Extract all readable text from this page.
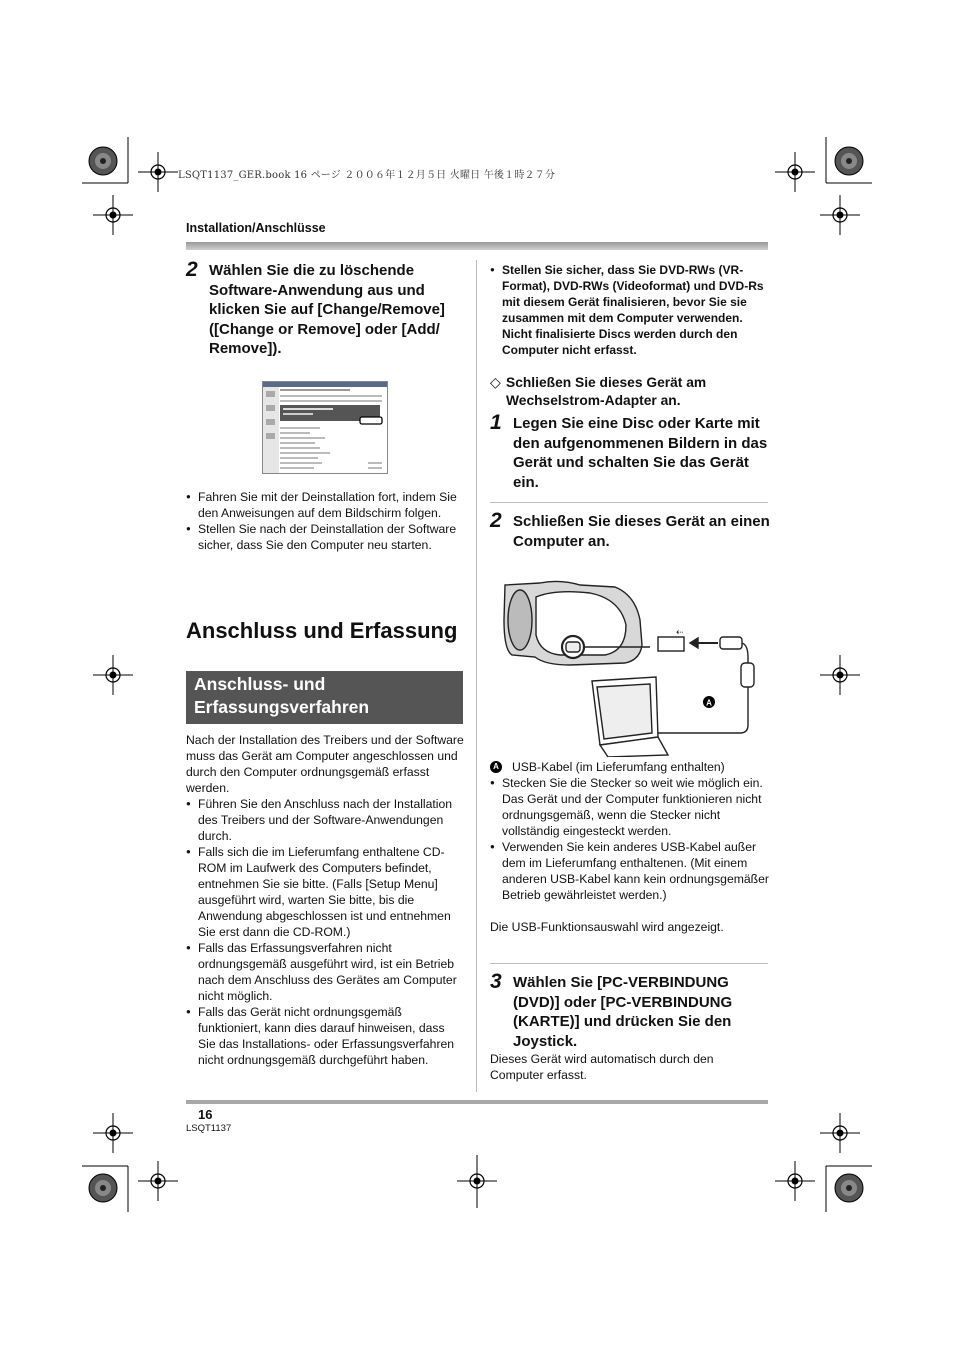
LSQT1137_GER.book 16 ページ ２００６年１２月５日 火曜日 午後１時２７分
Installation/Anschlüsse
2 Wählen Sie die zu löschende Software-Anwendung aus und klicken Sie auf [Change/Remove] ([Change or Remove] oder [Add/ Remove]).
● Fahren Sie mit der Deinstallation fort, indem Sie den Anweisungen auf dem Bildschirm folgen.
● Stellen Sie nach der Deinstallation der Software sicher, dass Sie den Computer neu starten.
Anschluss und Erfassung
Anschluss- und
Erfassungsverfahren
Nach der Installation des Treibers und der Software muss das Gerät am Computer angeschlossen und durch den Computer ordnungsgemäß erfasst werden.
● Führen Sie den Anschluss nach der Installation des Treibers und der Software-Anwendungen durch.
● Falls sich die im Lieferumfang enthaltene CD-ROM im Laufwerk des Computers befindet, entnehmen Sie sie bitte. (Falls [Setup Menu] ausgeführt wird, warten Sie bitte, bis die Anwendung abgeschlossen ist und entnehmen Sie erst dann die CD-ROM.)
● Falls das Erfassungsverfahren nicht ordnungsgemäß ausgeführt wird, ist ein Betrieb nach dem Anschluss des Gerätes am Computer nicht möglich.
● Falls das Gerät nicht ordnungsgemäß funktioniert, kann dies darauf hinweisen, dass Sie das Installations- oder Erfassungsverfahren nicht ordnungsgemäß durchgeführt haben.
● Stellen Sie sicher, dass Sie DVD-RWs (VR-Format), DVD-RWs (Videoformat) und DVD-Rs mit diesem Gerät finalisieren, bevor Sie sie zusammen mit dem Computer verwenden. Nicht finalisierte Discs werden durch den Computer nicht erfasst.
◇ Schließen Sie dieses Gerät am Wechselstrom-Adapter an.
1 Legen Sie eine Disc oder Karte mit den aufgenommenen Bildern in das Gerät und schalten Sie das Gerät ein.
2 Schließen Sie dieses Gerät an einen Computer an.
⇠
A
A USB-Kabel (im Lieferumfang enthalten)
● Stecken Sie die Stecker so weit wie möglich ein. Das Gerät und der Computer funktionieren nicht ordnungsgemäß, wenn die Stecker nicht vollständig eingesteckt werden.
● Verwenden Sie kein anderes USB-Kabel außer dem im Lieferumfang enthaltenen. (Mit einem anderen USB-Kabel kann kein ordnungsgemäßer Betrieb gewährleistet werden.)
Die USB-Funktionsauswahl wird angezeigt.
3 Wählen Sie [PC-VERBINDUNG (DVD)] oder [PC-VERBINDUNG (KARTE)] und drücken Sie den Joystick.
Dieses Gerät wird automatisch durch den Computer erfasst.
16
LSQT1137
